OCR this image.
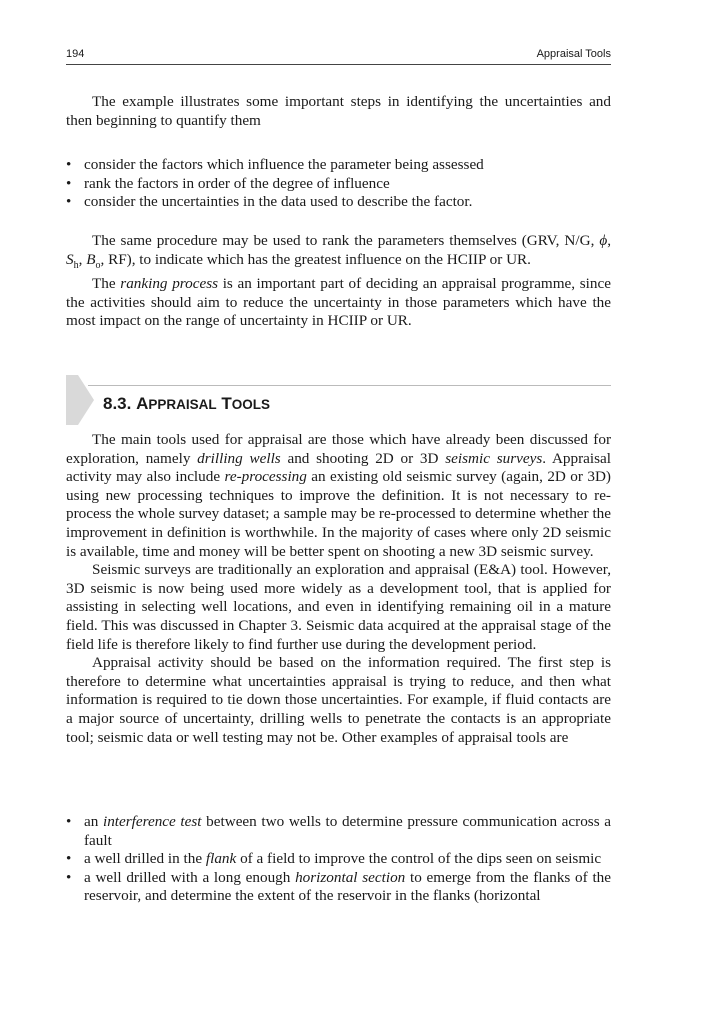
194	Appraisal Tools

The example illustrates some important steps in identifying the uncertainties and then beginning to quantify them

• consider the factors which influence the parameter being assessed
• rank the factors in order of the degree of influence
• consider the uncertainties in the data used to describe the factor.

The same procedure may be used to rank the parameters themselves (GRV, N/G, ϕ, $S_h$, $B_o$, RF), to indicate which has the greatest influence on the HCIIP or UR.

The ranking process is an important part of deciding an appraisal programme, since the activities should aim to reduce the uncertainty in those parameters which have the most impact on the range of uncertainty in HCIIP or UR.

8.3. APPRAISAL TOOLS

The main tools used for appraisal are those which have already been discussed for exploration, namely drilling wells and shooting 2D or 3D seismic surveys. Appraisal activity may also include re-processing an existing old seismic survey (again, 2D or 3D) using new processing techniques to improve the definition. It is not necessary to re-process the whole survey dataset; a sample may be re-processed to determine whether the improvement in definition is worthwhile. In the majority of cases where only 2D seismic is available, time and money will be better spent on shooting a new 3D seismic survey.

Seismic surveys are traditionally an exploration and appraisal (E&A) tool. However, 3D seismic is now being used more widely as a development tool, that is applied for assisting in selecting well locations, and even in identifying remaining oil in a mature field. This was discussed in Chapter 3. Seismic data acquired at the appraisal stage of the field life is therefore likely to find further use during the development period.

Appraisal activity should be based on the information required. The first step is therefore to determine what uncertainties appraisal is trying to reduce, and then what information is required to tie down those uncertainties. For example, if fluid contacts are a major source of uncertainty, drilling wells to penetrate the contacts is an appropriate tool; seismic data or well testing may not be. Other examples of appraisal tools are

• an interference test between two wells to determine pressure communication across a fault
• a well drilled in the flank of a field to improve the control of the dips seen on seismic
• a well drilled with a long enough horizontal section to emerge from the flanks of the reservoir, and determine the extent of the reservoir in the flanks (horizontal
